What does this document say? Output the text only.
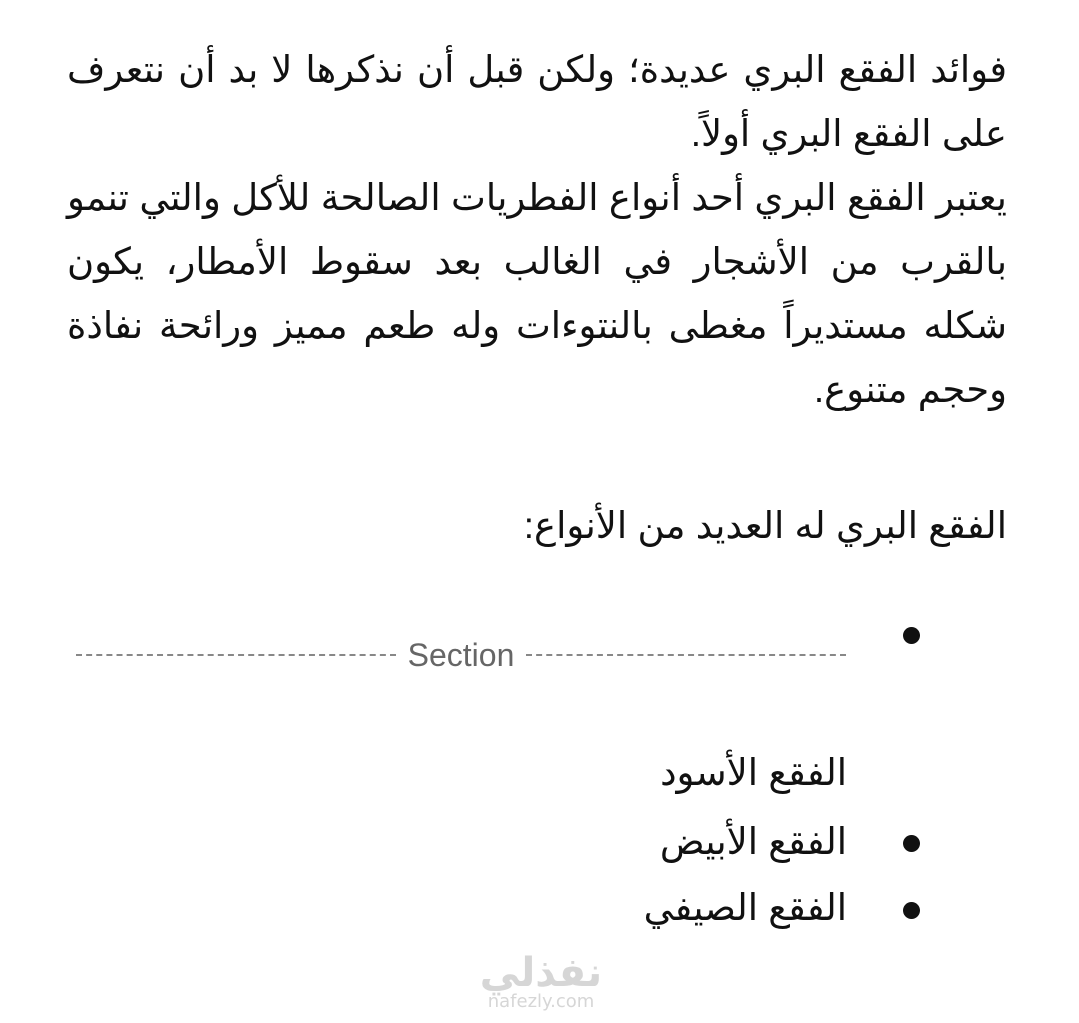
فوائد الفقع البري عديدة؛ ولكن قبل أن نذكرها لا بد أن نتعرف على الفقع البري أولاً.

يعتبر الفقع البري أحد أنواع الفطريات الصالحة للأكل والتي تنمو بالقرب من الأشجار في الغالب بعد سقوط الأمطار، يكون شكله مستديراً مغطى بالنتوءات وله طعم مميز ورائحة نفاذة وحجم متنوع.

الفقع البري له العديد من الأنواع:

Section
الفقع الأسود
الفقع الأبيض
الفقع الصيفي
نفذلي
nafezly.com
